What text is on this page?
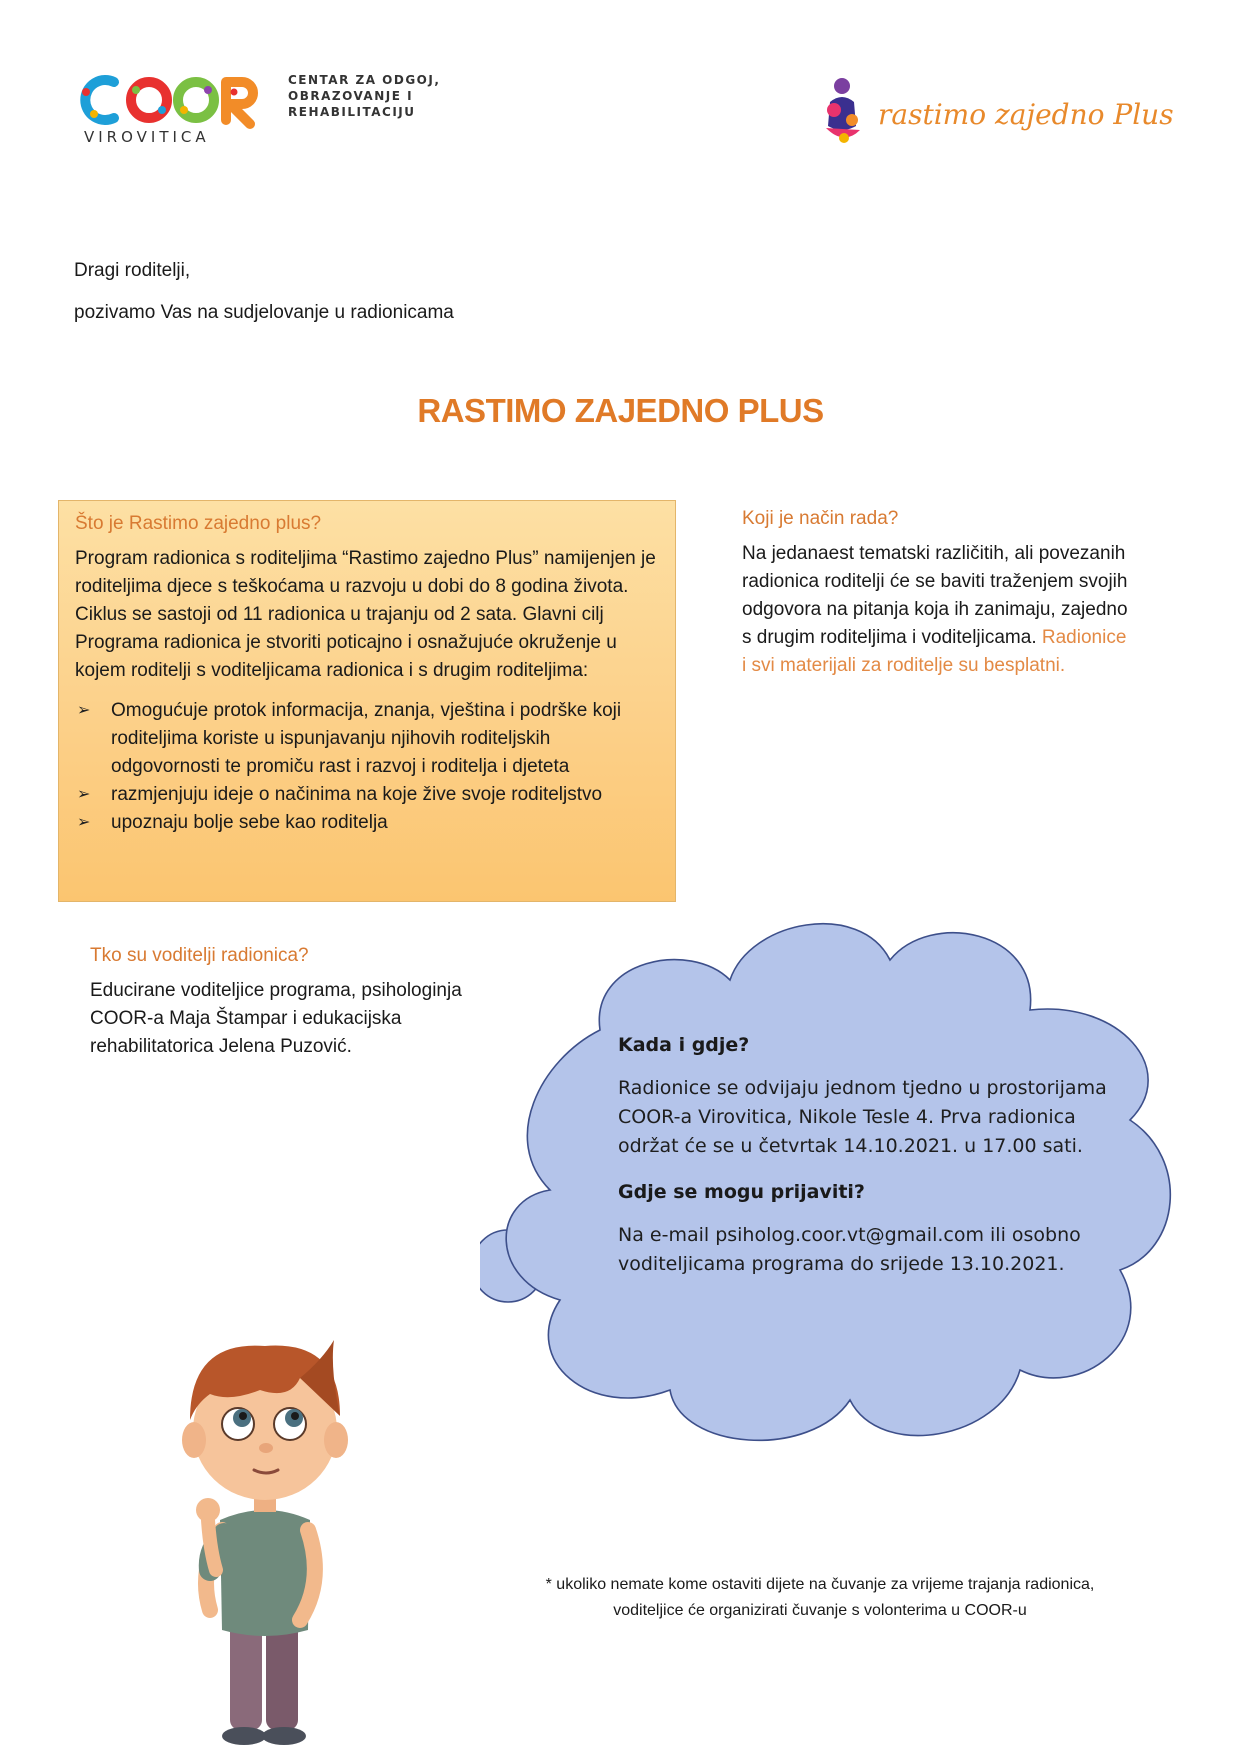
VIROVITICA
CENTAR ZA ODGOJ,
OBRAZOVANJE I
REHABILITACIJU	rastimo zajedno Plus
Dragi roditelji,
pozivamo Vas na sudjelovanje u radionicama
RASTIMO ZAJEDNO PLUS
Što je Rastimo zajedno plus?
Program radionica s roditeljima “Rastimo zajedno Plus” namijenjen je roditeljima djece s teškoćama u razvoju u dobi do 8 godina života. Ciklus se sastoji od 11 radionica u trajanju od 2 sata. Glavni cilj Programa radionica je stvoriti poticajno i osnažujuće okruženje u kojem roditelji s voditeljicama radionica i s drugim roditeljima:
➢ Omogućuje protok informacija, znanja, vještina i podrške koji roditeljima koriste u ispunjavanju njihovih roditeljskih odgovornosti te promiču rast i razvoj i roditelja i djeteta
➢ razmjenjuju ideje o načinima na koje žive svoje roditeljstvo
➢ upoznaju bolje sebe kao roditelja
Koji je način rada?
Na jedanaest tematski različitih, ali povezanih radionica roditelji će se baviti traženjem svojih odgovora na pitanja koja ih zanimaju, zajedno s drugim roditeljima i voditeljicama. Radionice i svi materijali za roditelje su besplatni.
Tko su voditelji radionica?
Educirane voditeljice programa, psihologinja COOR-a Maja Štampar i edukacijska rehabilitatorica Jelena Puzović.	Kada i gdje?
Radionice se odvijaju jednom tjedno u prostorijama COOR-a Virovitica, Nikole Tesle 4. Prva radionica održat će se u četvrtak 14.10.2021. u 17.00 sati.
Gdje se mogu prijaviti?
Na e-mail psiholog.coor.vt@gmail.com ili osobno voditeljicama programa do srijede 13.10.2021.
* ukoliko nemate kome ostaviti dijete na čuvanje za vrijeme trajanja radionica,
voditeljice će organizirati čuvanje s volonterima u COOR-u
